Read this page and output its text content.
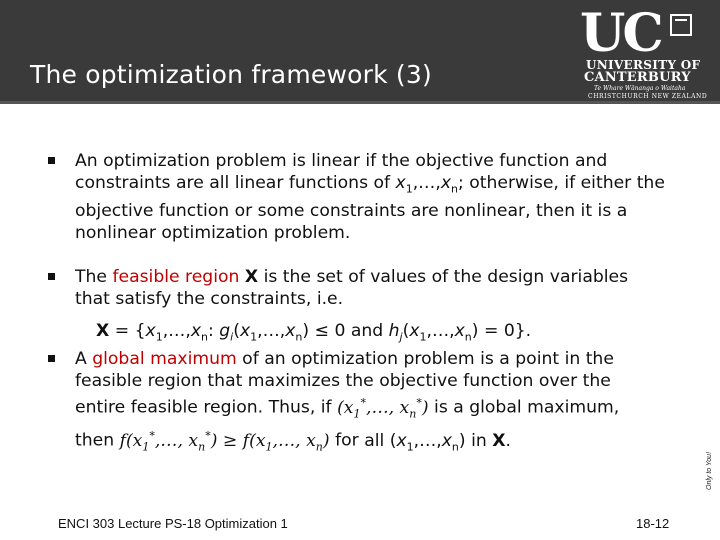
The optimization framework (3)
UC
UNIVERSITY OF
CANTERBURY
Te Whare Wānanga o Waitaha
CHRISTCHURCH NEW ZEALAND
An optimization problem is linear if the objective function and constraints are all linear functions of $x_1,\dots,x_n$; otherwise, if either the objective function or some constraints are nonlinear, then it is a nonlinear optimization problem.
The feasible region X is the set of values of the design variables that satisfy the constraints, i.e.
$X = \{x_1,\dots,x_n$: $g_i(x_1,\dots,x_n) \le 0$ and $h_j(x_1,\dots,x_n) = 0$}.
A global maximum of an optimization problem is a point in the feasible region that maximizes the objective function over the entire feasible region. Thus, if ($x_1^*,\dots$, $x_n^*$) is a global maximum, then $f(x_1^*,\dots$, $x_n^*$) ≥ $f(x_1,\dots$, $x_n$) for all $(x_1,\dots,x_n)$ in X.
ENCI 303 Lecture PS-18 Optimization 1	18-12
Only to You!
